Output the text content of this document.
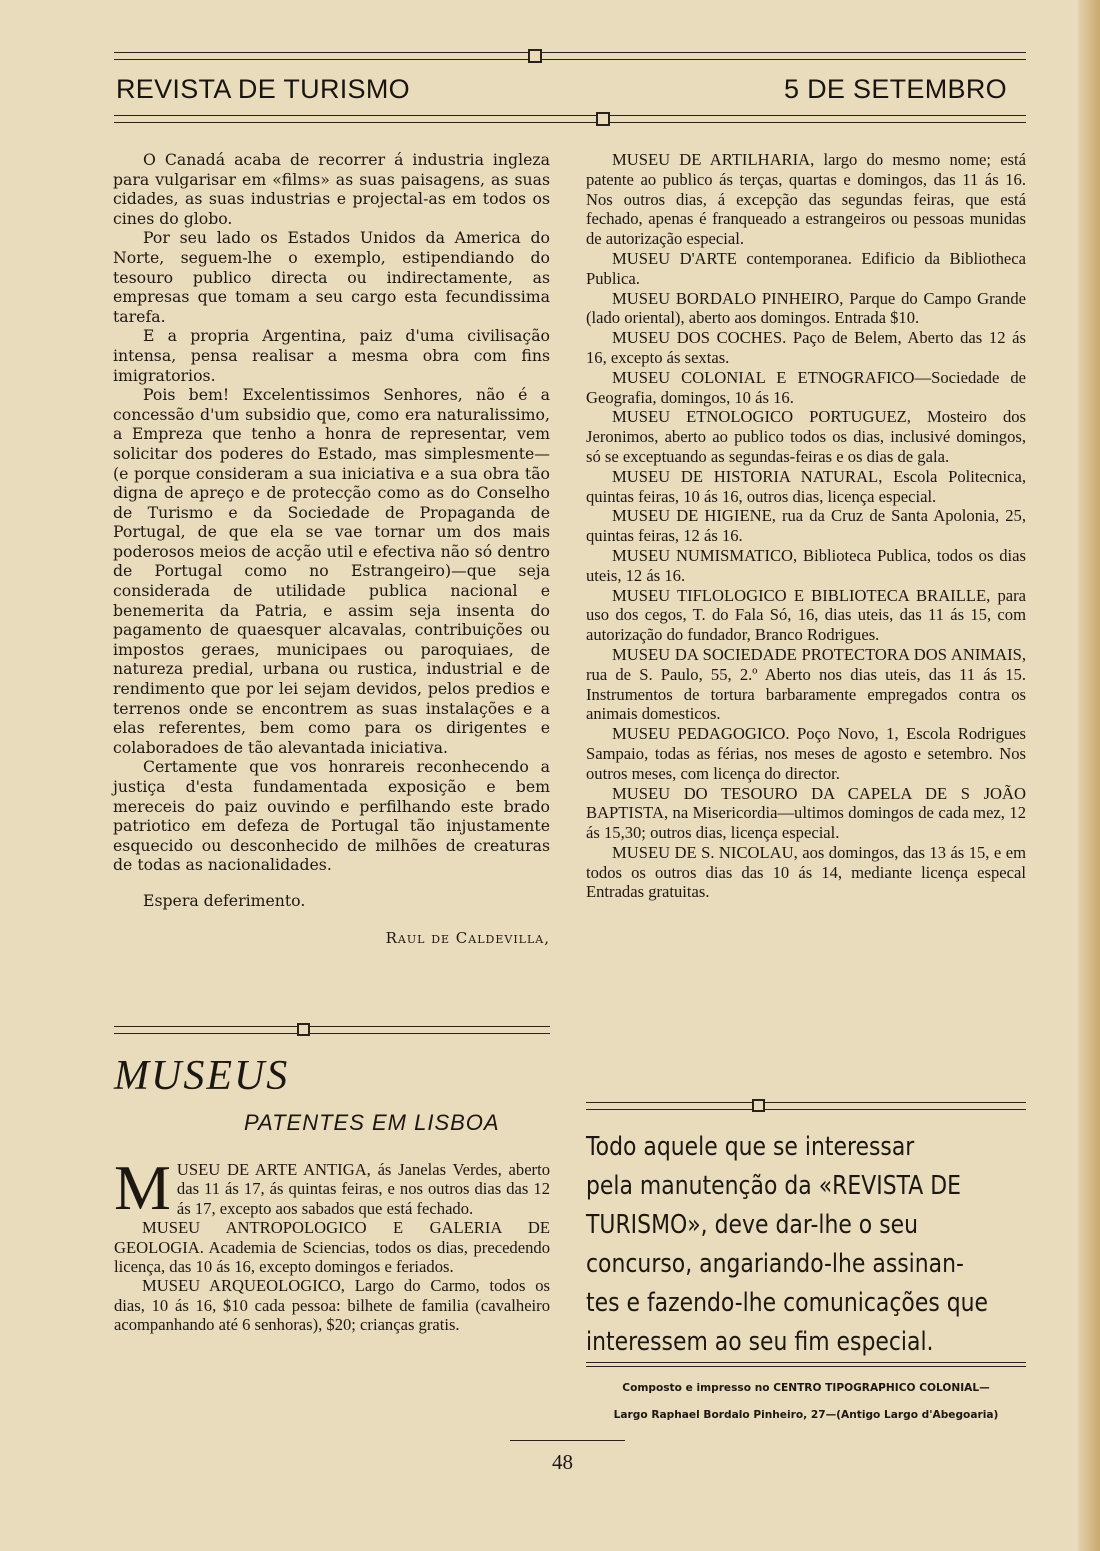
REVISTA DE TURISMO	5 DE SETEMBRO

O Canadá acaba de recorrer á industria ingleza para vulgarisar em «films» as suas paisagens, as suas cidades, as suas industrias e projectal-as em todos os cines do globo.

Por seu lado os Estados Unidos da America do Norte, seguem-lhe o exemplo, estipendiando do tesouro publico directa ou indirectamente, as empresas que tomam a seu cargo esta fecundissima tarefa.

E a propria Argentina, paiz d'uma civilisação intensa, pensa realisar a mesma obra com fins imigratorios.

Pois bem! Excelentissimos Senhores, não é a concessão d'um subsidio que, como era naturalissimo, a Empreza que tenho a honra de representar, vem solicitar dos poderes do Estado, mas simplesmente—(e porque consideram a sua iniciativa e a sua obra tão digna de apreço e de protecção como as do Conselho de Turismo e da Sociedade de Propaganda de Portugal, de que ela se vae tornar um dos mais poderosos meios de acção util e efectiva não só dentro de Portugal como no Estrangeiro)—que seja considerada de utilidade publica nacional e benemerita da Patria, e assim seja insenta do pagamento de quaesquer alcavalas, contribuições ou impostos geraes, municipaes ou paroquiaes, de natureza predial, urbana ou rustica, industrial e de rendimento que por lei sejam devidos, pelos predios e terrenos onde se encontrem as suas instalações e a elas referentes, bem como para os dirigentes e colaboradoes de tão alevantada iniciativa.

Certamente que vos honrareis reconhecendo a justiça d'esta fundamentada exposição e bem mereceis do paiz ouvindo e perfilhando este brado patriotico em defeza de Portugal tão injustamente esquecido ou desconhecido de milhões de creaturas de todas as nacionalidades.

Espera deferimento.

Raul de Caldevilla,
MUSEUS
PATENTES EM LISBOA

MUSEU DE ARTE ANTIGA, ás Janelas Verdes, aberto das 11 ás 17, ás quintas feiras, e nos outros dias das 12 ás 17, excepto aos sabados que está fechado.

MUSEU ANTROPOLOGICO E GALERIA DE GEOLOGIA. Academia de Sciencias, todos os dias, precedendo licença, das 10 ás 16, excepto domingos e feriados.

MUSEU ARQUEOLOGICO, Largo do Carmo, todos os dias, 10 ás 16, $10 cada pessoa: bilhete de familia (cavalheiro acompanhando até 6 senhoras), $20; crianças gratis.

MUSEU DE ARTILHARIA, largo do mesmo nome; está patente ao publico ás terças, quartas e domingos, das 11 ás 16. Nos outros dias, á excepção das segundas feiras, que está fechado, apenas é franqueado a estrangeiros ou pessoas munidas de autorização especial.

MUSEU D'ARTE contemporanea. Edificio da Bibliotheca Publica.

MUSEU BORDALO PINHEIRO, Parque do Campo Grande (lado oriental), aberto aos domingos. Entrada $10.

MUSEU DOS COCHES. Paço de Belem, Aberto das 12 ás 16, excepto ás sextas.

MUSEU COLONIAL E ETNOGRAFICO—Sociedade de Geografia, domingos, 10 ás 16.

MUSEU ETNOLOGICO PORTUGUEZ, Mosteiro dos Jeronimos, aberto ao publico todos os dias, inclusivé domingos, só se exceptuando as segundas-feiras e os dias de gala.

MUSEU DE HISTORIA NATURAL, Escola Politecnica, quintas feiras, 10 ás 16, outros dias, licença especial.

MUSEU DE HIGIENE, rua da Cruz de Santa Apolonia, 25, quintas feiras, 12 ás 16.

MUSEU NUMISMATICO, Biblioteca Publica, todos os dias uteis, 12 ás 16.

MUSEU TIFLOLOGICO E BIBLIOTECA BRAILLE, para uso dos cegos, T. do Fala Só, 16, dias uteis, das 11 ás 15, com autorização do fundador, Branco Rodrigues.

MUSEU DA SOCIEDADE PROTECTORA DOS ANIMAIS, rua de S. Paulo, 55, 2.º Aberto nos dias uteis, das 11 ás 15. Instrumentos de tortura barbaramente empregados contra os animais domesticos.

MUSEU PEDAGOGICO. Poço Novo, 1, Escola Rodrigues Sampaio, todas as férias, nos meses de agosto e setembro. Nos outros meses, com licença do director.

MUSEU DO TESOURO DA CAPELA DE S JOÃO BAPTISTA, na Misericordia—ultimos domingos de cada mez, 12 ás 15,30; outros dias, licença especial.

MUSEU DE S. NICOLAU, aos domingos, das 13 ás 15, e em todos os outros dias das 10 ás 14, mediante licença especal Entradas gratuitas.

Todo aquele que se interessar
pela manutenção da «REVISTA DE
TURISMO», deve dar-lhe o seu
concurso, angariando-lhe assinan-
tes e fazendo-lhe comunicações que
interessem ao seu fim especial.
Composto e impresso no CENTRO TIPOGRAPHICO COLONIAL—
Largo Raphael Bordalo Pinheiro, 27—(Antigo Largo d'Abegoaria)
48
